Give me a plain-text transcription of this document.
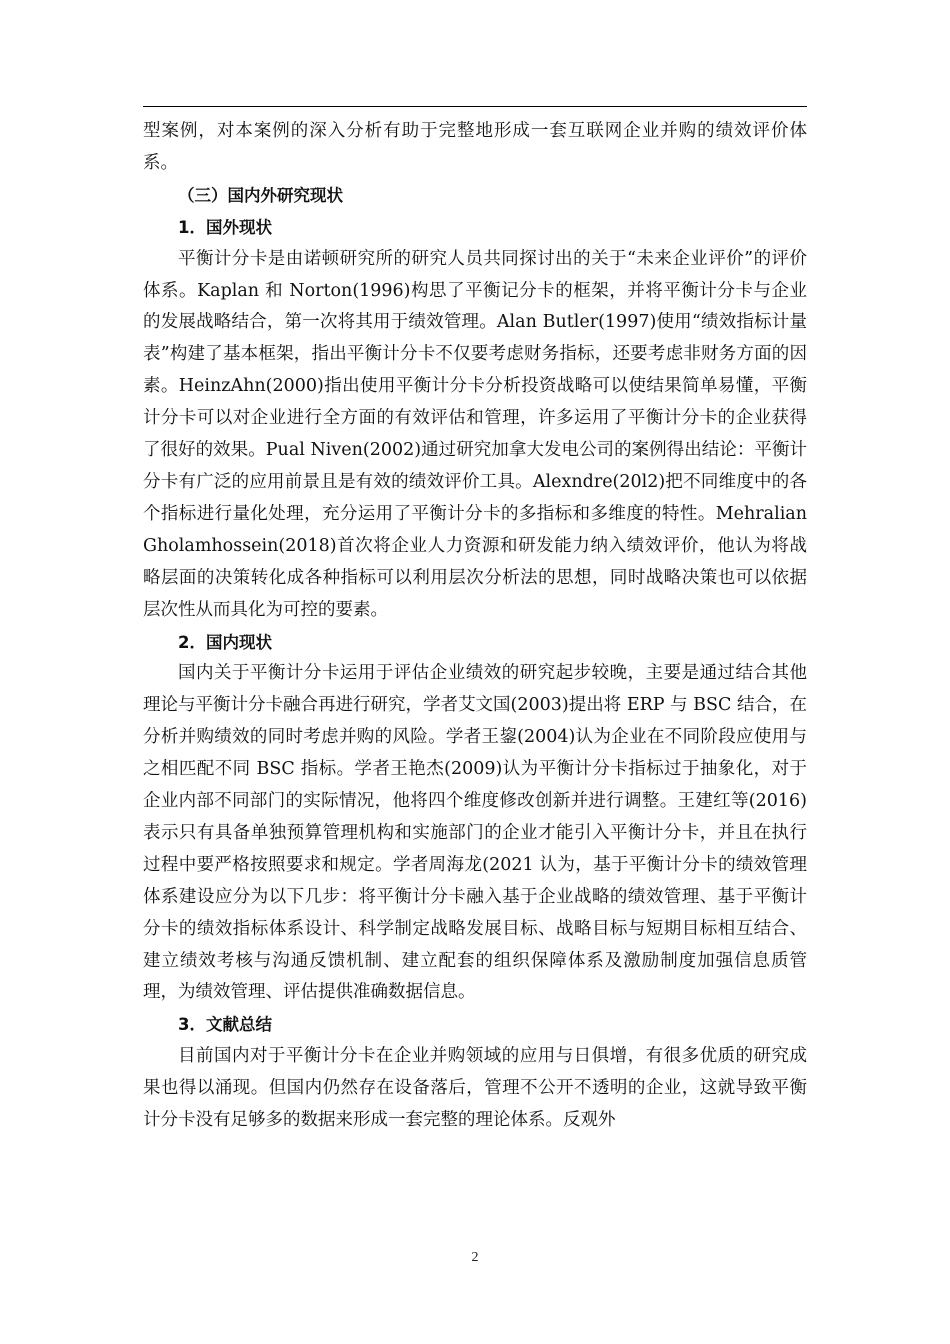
型案例，对本案例的深入分析有助于完整地形成一套互联网企业并购的绩效评价体系。

（三）国内外研究现状

1．国外现状

平衡计分卡是由诺顿研究所的研究人员共同探讨出的关于“未来企业评价”的评价体系。Kaplan 和 Norton(1996)构思了平衡记分卡的框架，并将平衡计分卡与企业的发展战略结合，第一次将其用于绩效管理。Alan Butler(1997)使用“绩效指标计量表”构建了基本框架，指出平衡计分卡不仅要考虑财务指标，还要考虑非财务方面的因素。HeinzAhn(2000)指出使用平衡计分卡分析投资战略可以使结果简单易懂，平衡计分卡可以对企业进行全方面的有效评估和管理，许多运用了平衡计分卡的企业获得了很好的效果。Pual Niven(2002)通过研究加拿大发电公司的案例得出结论：平衡计分卡有广泛的应用前景且是有效的绩效评价工具。Alexndre(20l2)把不同维度中的各个指标进行量化处理，充分运用了平衡计分卡的多指标和多维度的特性。Mehralian Gholamhossein(2018)首次将企业人力资源和研发能力纳入绩效评价，他认为将战略层面的决策转化成各种指标可以利用层次分析法的思想，同时战略决策也可以依据层次性从而具化为可控的要素。

2．国内现状

国内关于平衡计分卡运用于评估企业绩效的研究起步较晚，主要是通过结合其他理论与平衡计分卡融合再进行研究，学者艾文国(2003)提出将 ERP 与 BSC 结合，在分析并购绩效的同时考虑并购的风险。学者王鋆(2004)认为企业在不同阶段应使用与之相匹配不同 BSC 指标。学者王艳杰(2009)认为平衡计分卡指标过于抽象化，对于企业内部不同部门的实际情况，他将四个维度修改创新并进行调整。王建红等(2016)表示只有具备单独预算管理机构和实施部门的企业才能引入平衡计分卡，并且在执行过程中要严格按照要求和规定。学者周海龙(2021 认为，基于平衡计分卡的绩效管理体系建设应分为以下几步：将平衡计分卡融入基于企业战略的绩效管理、基于平衡计分卡的绩效指标体系设计、科学制定战略发展目标、战略目标与短期目标相互结合、建立绩效考核与沟通反馈机制、建立配套的组织保障体系及激励制度加强信息质管理，为绩效管理、评估提供准确数据信息。

3．文献总结

目前国内对于平衡计分卡在企业并购领域的应用与日俱增，有很多优质的研究成果也得以涌现。但国内仍然存在设备落后，管理不公开不透明的企业，这就导致平衡计分卡没有足够多的数据来形成一套完整的理论体系。反观外

2
